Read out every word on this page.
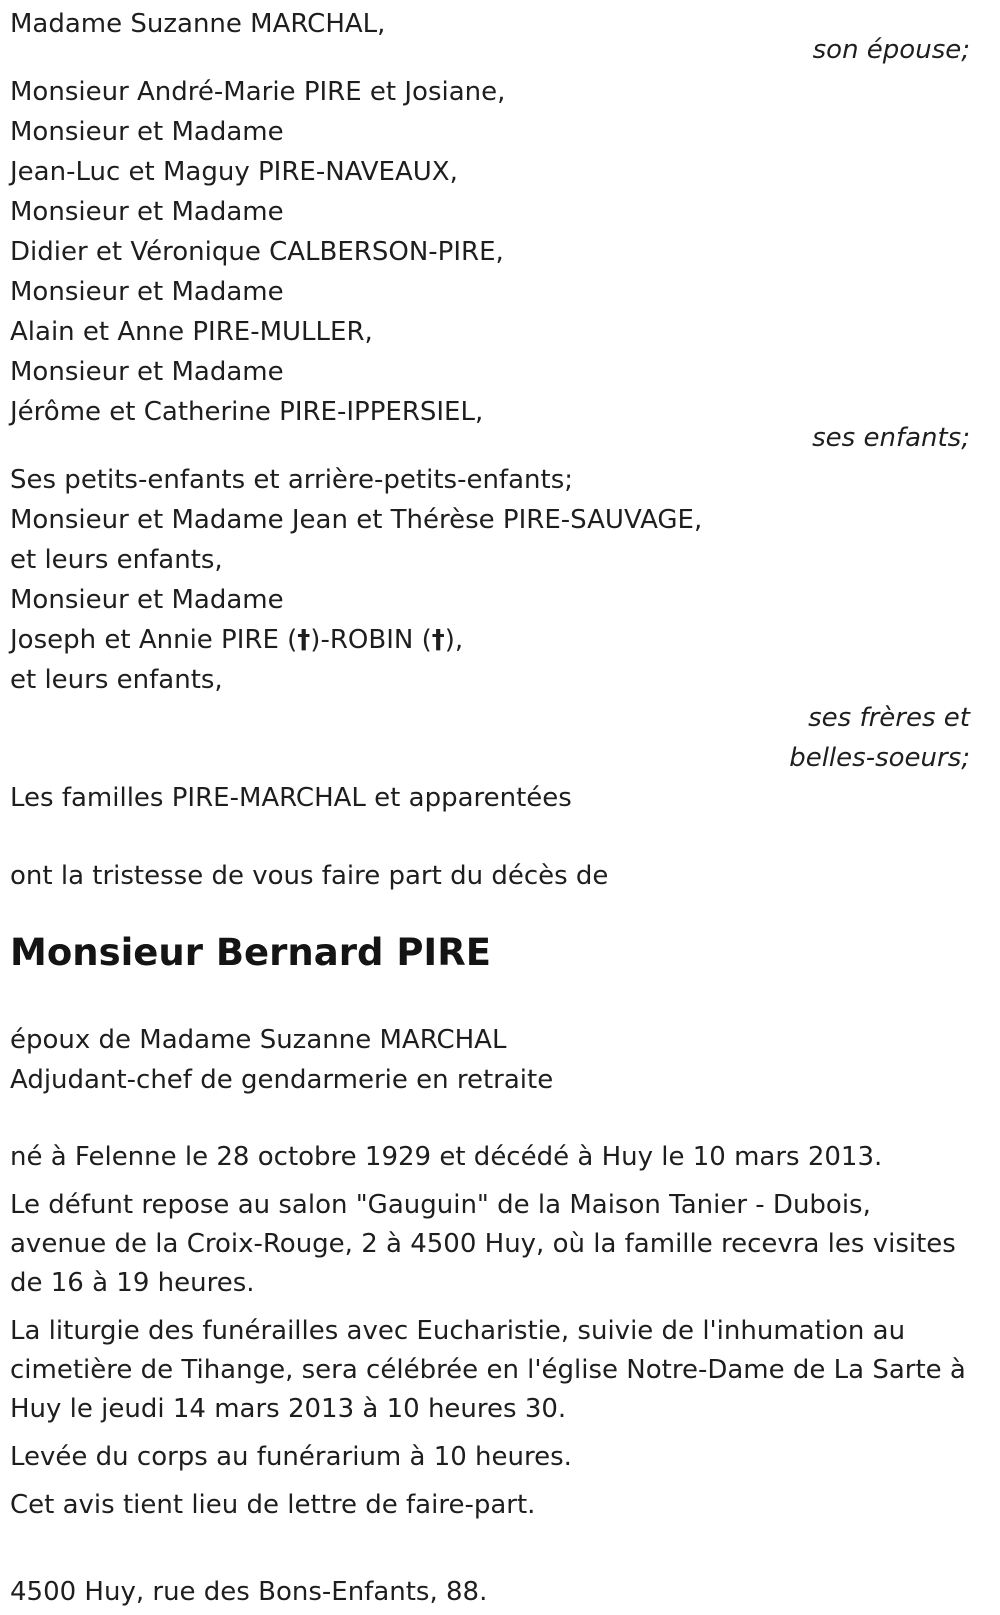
Madame Suzanne MARCHAL,
son épouse;
Monsieur André-Marie PIRE et Josiane,
Monsieur et Madame
Jean-Luc et Maguy PIRE-NAVEAUX,
Monsieur et Madame
Didier et Véronique CALBERSON-PIRE,
Monsieur et Madame
Alain et Anne PIRE-MULLER,
Monsieur et Madame
Jérôme et Catherine PIRE-IPPERSIEL,
ses enfants;
Ses petits-enfants et arrière-petits-enfants;
Monsieur et Madame Jean et Thérèse PIRE-SAUVAGE,
et leurs enfants,
Monsieur et Madame
Joseph et Annie PIRE (†)-ROBIN (†),
et leurs enfants,
ses frères et belles-soeurs;
Les familles PIRE-MARCHAL et apparentées
ont la tristesse de vous faire part du décès de
Monsieur Bernard PIRE
époux de Madame Suzanne MARCHAL
Adjudant-chef de gendarmerie en retraite
né à Felenne le 28 octobre 1929 et décédé à Huy le 10 mars 2013.
Le défunt repose au salon "Gauguin" de la Maison Tanier - Dubois, avenue de la Croix-Rouge, 2 à 4500 Huy, où la famille recevra les visites de 16 à 19 heures.
La liturgie des funérailles avec Eucharistie, suivie de l'inhumation au cimetière de Tihange, sera célébrée en l'église Notre-Dame de La Sarte à Huy le jeudi 14 mars 2013 à 10 heures 30.
Levée du corps au funérarium à 10 heures.
Cet avis tient lieu de lettre de faire-part.
4500 Huy, rue des Bons-Enfants, 88.
